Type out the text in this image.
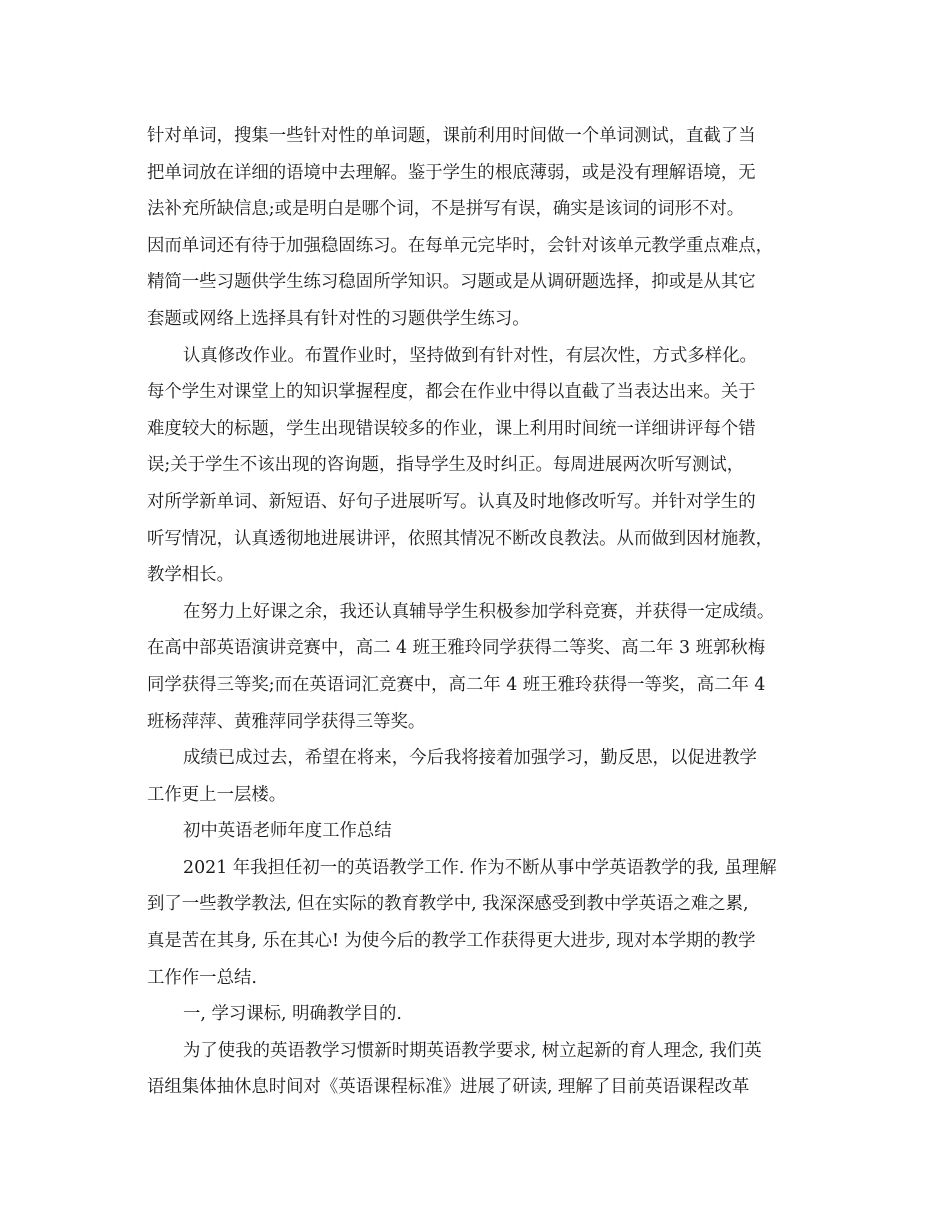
针对单词，搜集一些针对性的单词题，课前利用时间做一个单词测试，直截了当
把单词放在详细的语境中去理解。鉴于学生的根底薄弱，或是没有理解语境，无
法补充所缺信息;或是明白是哪个词，不是拼写有误，确实是该词的词形不对。
因而单词还有待于加强稳固练习。在每单元完毕时，会针对该单元教学重点难点，
精简一些习题供学生练习稳固所学知识。习题或是从调研题选择，抑或是从其它
套题或网络上选择具有针对性的习题供学生练习。
认真修改作业。布置作业时，坚持做到有针对性，有层次性，方式多样化。
每个学生对课堂上的知识掌握程度，都会在作业中得以直截了当表达出来。关于
难度较大的标题，学生出现错误较多的作业，课上利用时间统一详细讲评每个错
误;关于学生不该出现的咨询题，指导学生及时纠正。每周进展两次听写测试，
对所学新单词、新短语、好句子进展听写。认真及时地修改听写。并针对学生的
听写情况，认真透彻地进展讲评，依照其情况不断改良教法。从而做到因材施教，
教学相长。
在努力上好课之余，我还认真辅导学生积极参加学科竞赛，并获得一定成绩。
在高中部英语演讲竞赛中，高二 4 班王雅玲同学获得二等奖、高二年 3 班郭秋梅
同学获得三等奖;而在英语词汇竞赛中，高二年 4 班王雅玲获得一等奖，高二年 4
班杨萍萍、黄雅萍同学获得三等奖。
成绩已成过去，希望在将来，今后我将接着加强学习，勤反思，以促进教学
工作更上一层楼。
初中英语老师年度工作总结
2021 年我担任初一的英语教学工作. 作为不断从事中学英语教学的我, 虽理解
到了一些教学教法, 但在实际的教育教学中, 我深深感受到教中学英语之难之累,
真是苦在其身, 乐在其心! 为使今后的教学工作获得更大进步, 现对本学期的教学
工作作一总结.
一, 学习课标, 明确教学目的.
为了使我的英语教学习惯新时期英语教学要求, 树立起新的育人理念, 我们英
语组集体抽休息时间对《英语课程标准》进展了研读, 理解了目前英语课程改革
